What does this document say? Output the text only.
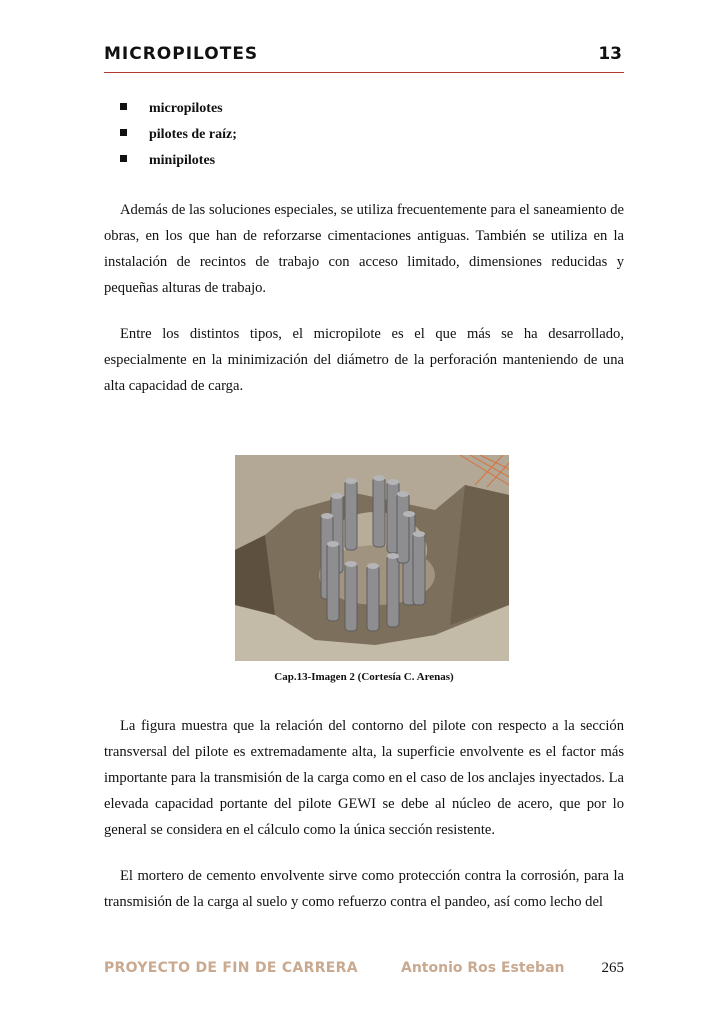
MICROPILOTES	13
micropilotes
pilotes de raíz;
minipilotes

Además de las soluciones especiales, se utiliza frecuentemente para el saneamiento de obras, en los que han de reforzarse cimentaciones antiguas. También se utiliza en la instalación de recintos de trabajo con acceso limitado, dimensiones reducidas y pequeñas alturas de trabajo.

Entre los distintos tipos, el micropilote es el que más se ha desarrollado, especialmente en la minimización del diámetro de la perforación manteniendo de una alta capacidad de carga.

Cap.13-Imagen 2 (Cortesía C. Arenas)

La figura muestra que la relación del contorno del pilote con respecto a la sección transversal del pilote es extremadamente alta, la superficie envolvente es el factor más importante para la transmisión de la carga como en el caso de los anclajes inyectados. La elevada capacidad portante del pilote GEWI se debe al núcleo de acero, que por lo general se considera en el cálculo como la única sección resistente.

El mortero de cemento envolvente sirve como protección contra la corrosión, para la transmisión de la carga al suelo y como refuerzo contra el pandeo, así como lecho del

PROYECTO DE FIN DE CARRERA	Antonio Ros Esteban 265
